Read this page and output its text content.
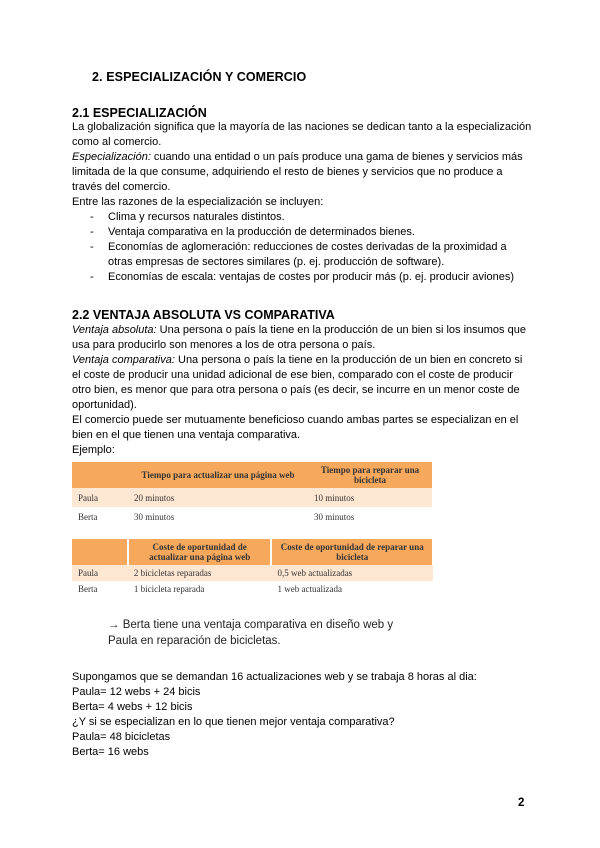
2. ESPECIALIZACIÓN Y COMERCIO
2.1 ESPECIALIZACIÓN

La globalización significa que la mayoría de las naciones se dedican tanto a la especialización como al comercio.

Especialización: cuando una entidad o un país produce una gama de bienes y servicios más limitada de la que consume, adquiriendo el resto de bienes y servicios que no produce a través del comercio.

Entre las razones de la especialización se incluyen:

- Clima y recursos naturales distintos.
- Ventaja comparativa en la producción de determinados bienes.
- Economías de aglomeración: reducciones de costes derivadas de la proximidad a otras empresas de sectores similares (p. ej. producción de software).
- Economías de escala: ventajas de costes por producir más (p. ej. producir aviones)
2.2 VENTAJA ABSOLUTA VS COMPARATIVA

Ventaja absoluta: Una persona o país la tiene en la producción de un bien si los insumos que usa para producirlo son menores a los de otra persona o país.

Ventaja comparativa: Una persona o país la tiene en la producción de un bien en concreto si el coste de producir una unidad adicional de ese bien, comparado con el coste de producir otro bien, es menor que para otra persona o país (es decir, se incurre en un menor coste de oportunidad).

El comercio puede ser mutuamente beneficioso cuando ambas partes se especializan en el bien en el que tienen una ventaja comparativa.

Ejemplo:

	Tiempo para actualizar una página web	Tiempo para reparar una bicicleta
Paula	20 minutos	10 minutos
Berta	30 minutos	30 minutos
	Coste de oportunidad de actualizar una página web	Coste de oportunidad de reparar una bicicleta
Paula	2 bicicletas reparadas	0,5 web actualizadas
Berta	1 bicicleta reparada	1 web actualizada
→ Berta tiene una ventaja comparativa en diseño web y
Paula en reparación de bicicletas.

Supongamos que se demandan 16 actualizaciones web y se trabaja 8 horas al dia:

Paula= 12 webs + 24 bicis

Berta= 4 webs + 12 bicis

¿Y si se especializan en lo que tienen mejor ventaja comparativa?

Paula= 48 bicicletas

Berta= 16 webs

2
